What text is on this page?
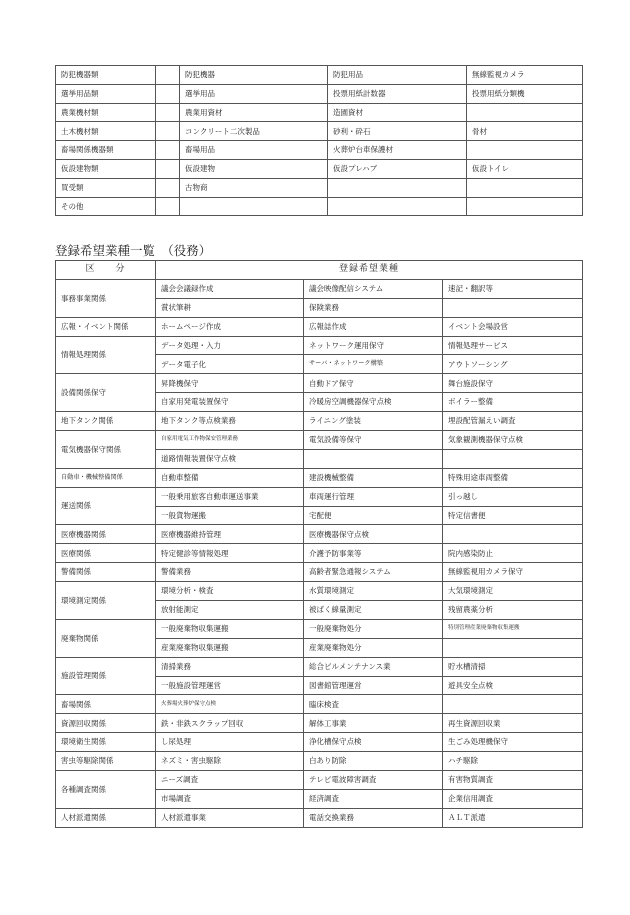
防犯機器類		防犯機器	防犯用品	無線監視カメラ
選挙用品類		選挙用品	投票用紙計数器	投票用紙分類機
農業機材類		農業用資材	造園資材	
土木機材類		コンクリート二次製品	砂利・砕石	骨材
畜場関係機器類		畜場用品	火葬炉台車保護材	
仮設建物類		仮設建物	仮設プレハブ	仮設トイレ
買受類		古物商		
その他				
登録希望業種一覧　（役務）
区　　分	登録希望業種		
事務事業関係	議会会議録作成	議会映像配信システム	速記・翻訳等
	賞状筆耕	保険業務	
広報・イベント関係	ホームページ作成	広報誌作成	イベント会場設営
情報処理関係	データ処理・入力	ネットワーク運用保守	情報処理サービス
	データ電子化	サーバ・ネットワーク構築	アウトソーシング
設備関係保守	昇降機保守	自動ドア保守	舞台施設保守
	自家用発電装置保守	冷暖房空調機器保守点検	ボイラー整備
地下タンク関係	地下タンク等点検業務	ライニング塗装	埋設配管漏えい調査
電気機器保守関係	自家用電気工作物保安管理業務	電気設備等保守	気象観測機器保守点検
	道路情報装置保守点検		
自動車・機械整備関係	自動車整備	建設機械整備	特殊用途車両整備
運送関係	一般乗用旅客自動車運送事業	車両運行管理	引っ越し
	一般貨物運搬	宅配便	特定信書便
医療機器関係	医療機器維持管理	医療機器保守点検	
医療関係	特定健診等情報処理	介護予防事業等	院内感染防止
警備関係	警備業務	高齢者緊急通報システム	無線監視用カメラ保守
環境測定関係	環境分析・検査	水質環境測定	大気環境測定
	放射能測定	被ばく線量測定	残留農薬分析
廃棄物関係	一般廃棄物収集運搬	一般廃棄物処分	特別管理産業廃棄物収集運搬
	産業廃棄物収集運搬	産業廃棄物処分	
施設管理関係	清掃業務	総合ビルメンテナンス業	貯水槽清掃
	一般施設管理運営	図書館管理運営	遊具安全点検
畜場関係	火葬場火葬炉保守点検	臨床検査	
資源回収関係	鉄・非鉄スクラップ回収	解体工事業	再生資源回収業
環境衛生関係	し尿処理	浄化槽保守点検	生ごみ処理機保守
害虫等駆除関係	ネズミ・害虫駆除	白あり防除	ハチ駆除
各種調査関係	ニーズ調査	テレビ電波障害調査	有害物質調査
	市場調査	経済調査	企業信用調査
人材派遣関係	人材派遣事業	電話交換業務	ＡＬＴ派遣
